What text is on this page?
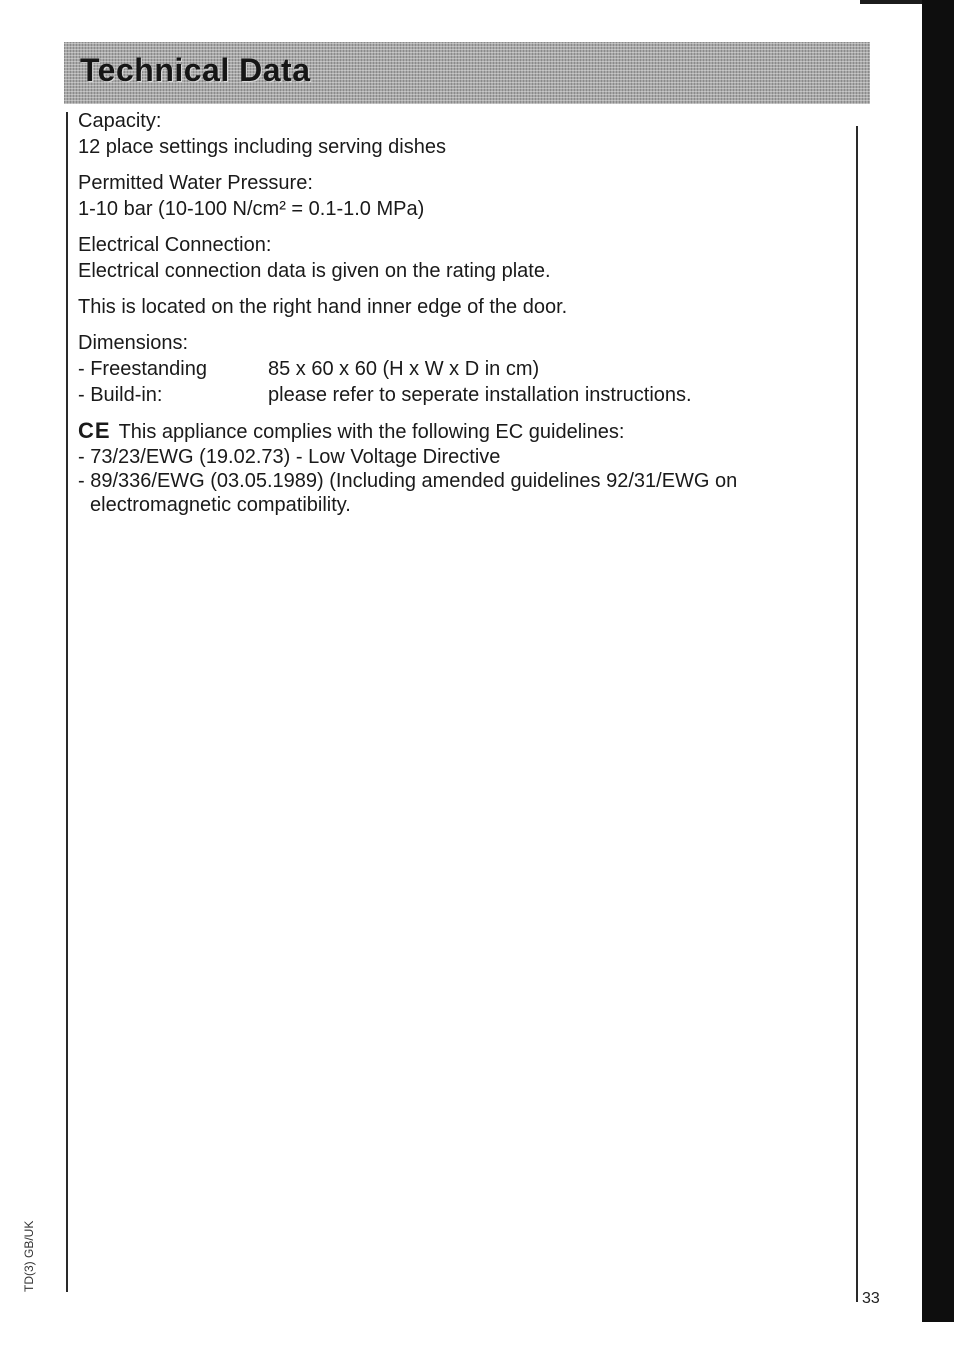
Technical Data
Capacity:
12 place settings including serving dishes
Permitted Water Pressure:
1-10 bar (10-100 N/cm² = 0.1-1.0 MPa)
Electrical Connection:
Electrical connection data is given on the rating plate.
This is located on the right hand inner edge of the door.
Dimensions:
- Freestanding	85 x 60 x 60 (H x W x D in cm)
- Build-in:	please refer to seperate installation instructions.
CE This appliance complies with the following EC guidelines:
- 73/23/EWG (19.02.73) - Low Voltage Directive
- 89/336/EWG (03.05.1989) (Including amended guidelines 92/31/EWG on electromagnetic compatibility.
TD(3) GB/UK
33
